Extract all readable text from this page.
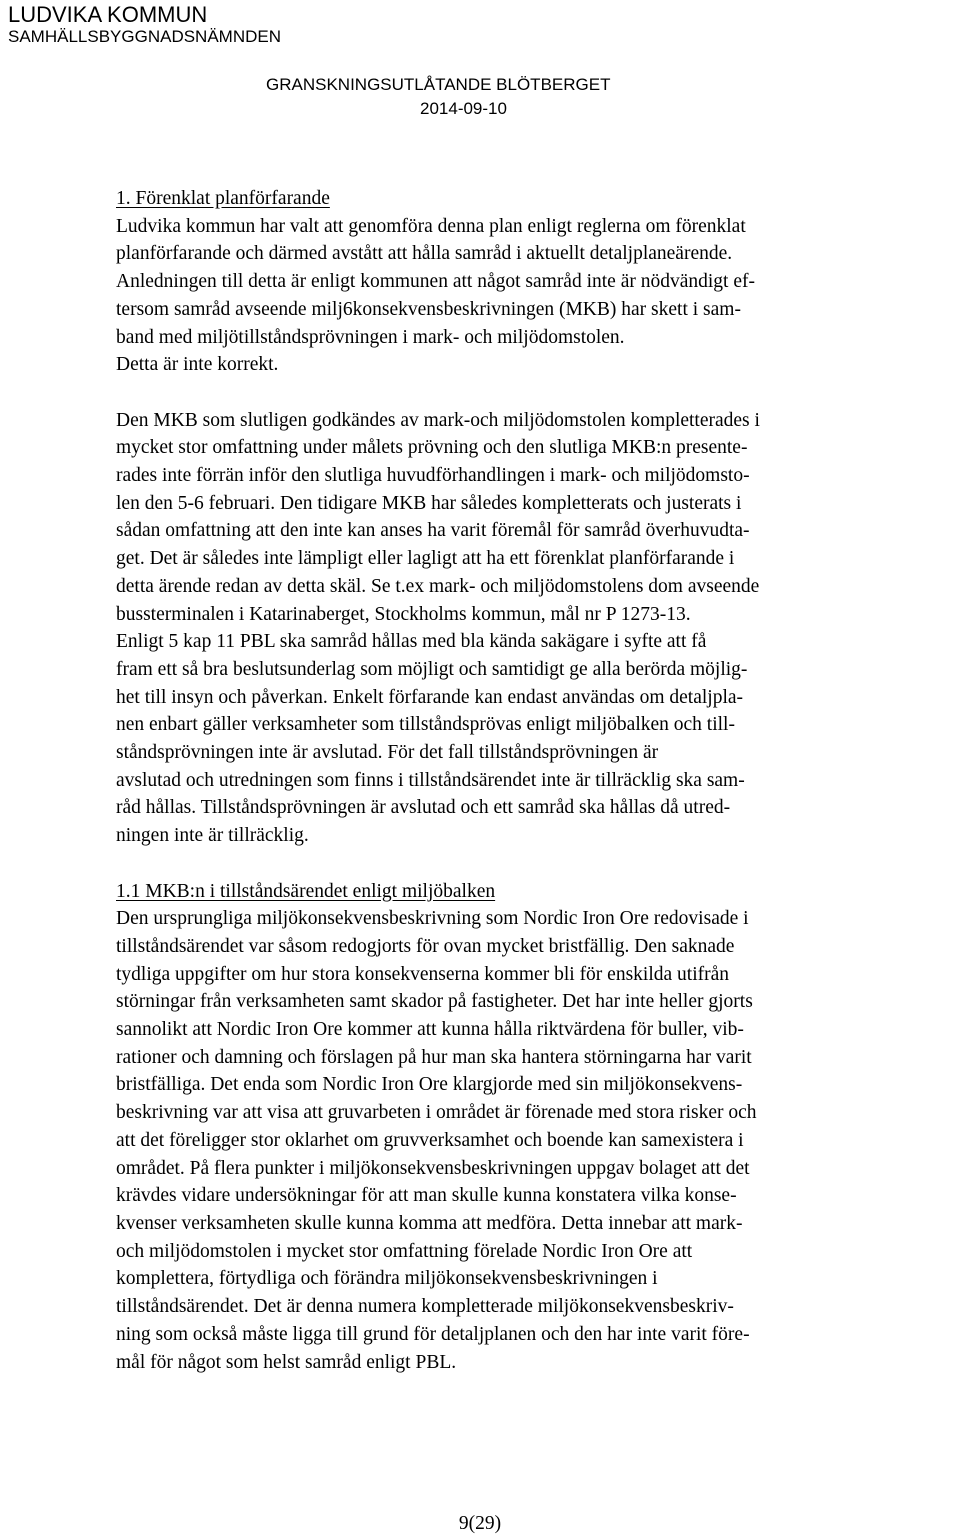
LUDVIKA KOMMUN
SAMHÄLLSBYGGNADSNÄMNDEN
GRANSKNINGSUTLÅTANDE BLÖTBERGET
2014-09-10
1. Förenklat planförfarande
Ludvika kommun har valt att genomföra denna plan enligt reglerna om förenklat
planförfarande och därmed avstått att hålla samråd i aktuellt detaljplaneärende.
Anledningen till detta är enligt kommunen att något samråd inte är nödvändigt ef-
tersom samråd avseende milj6konsekvensbeskrivningen (MKB) har skett i sam-
band med miljötillståndsprövningen i mark- och miljödomstolen.
Detta är inte korrekt.
Den MKB som slutligen godkändes av mark-och miljödomstolen kompletterades i
mycket stor omfattning under målets prövning och den slutliga MKB:n presente-
rades inte förrän inför den slutliga huvudförhandlingen i mark- och miljödomsto-
len den 5-6 februari. Den tidigare MKB har således kompletterats och justerats i
sådan omfattning att den inte kan anses ha varit föremål för samråd överhuvudta-
get. Det är således inte lämpligt eller lagligt att ha ett förenklat planförfarande i
detta ärende redan av detta skäl. Se t.ex mark- och miljödomstolens dom avseende
bussterminalen i Katarinaberget, Stockholms kommun, mål nr P 1273-13.
Enligt 5 kap 11 PBL ska samråd hållas med bla kända sakägare i syfte att få
fram ett så bra beslutsunderlag som möjligt och samtidigt ge alla berörda möjlig-
het till insyn och påverkan. Enkelt förfarande kan endast användas om detaljpla-
nen enbart gäller verksamheter som tillståndsprövas enligt miljöbalken och till-
ståndsprövningen inte är avslutad. För det fall tillståndsprövningen är
avslutad och utredningen som finns i tillståndsärendet inte är tillräcklig ska sam-
råd hållas. Tillståndsprövningen är avslutad och ett samråd ska hållas då utred-
ningen inte är tillräcklig.
1.1 MKB:n i tillståndsärendet enligt miljöbalken
Den ursprungliga miljökonsekvensbeskrivning som Nordic Iron Ore redovisade i
tillståndsärendet var såsom redogjorts för ovan mycket bristfällig. Den saknade
tydliga uppgifter om hur stora konsekvenserna kommer bli för enskilda utifrån
störningar från verksamheten samt skador på fastigheter. Det har inte heller gjorts
sannolikt att Nordic Iron Ore kommer att kunna hålla riktvärdena för buller, vib-
rationer och damning och förslagen på hur man ska hantera störningarna har varit
bristfälliga. Det enda som Nordic Iron Ore klargjorde med sin miljökonsekvens-
beskrivning var att visa att gruvarbeten i området är förenade med stora risker och
att det föreligger stor oklarhet om gruvverksamhet och boende kan samexistera i
området. På flera punkter i miljökonsekvensbeskrivningen uppgav bolaget att det
krävdes vidare undersökningar för att man skulle kunna konstatera vilka konse-
kvenser verksamheten skulle kunna komma att medföra. Detta innebar att mark-
och miljödomstolen i mycket stor omfattning förelade Nordic Iron Ore att
komplettera, förtydliga och förändra miljökonsekvensbeskrivningen i
tillståndsärendet. Det är denna numera kompletterade miljökonsekvensbeskriv-
ning som också måste ligga till grund för detaljplanen och den har inte varit före-
mål för något som helst samråd enligt PBL.
9(29)
